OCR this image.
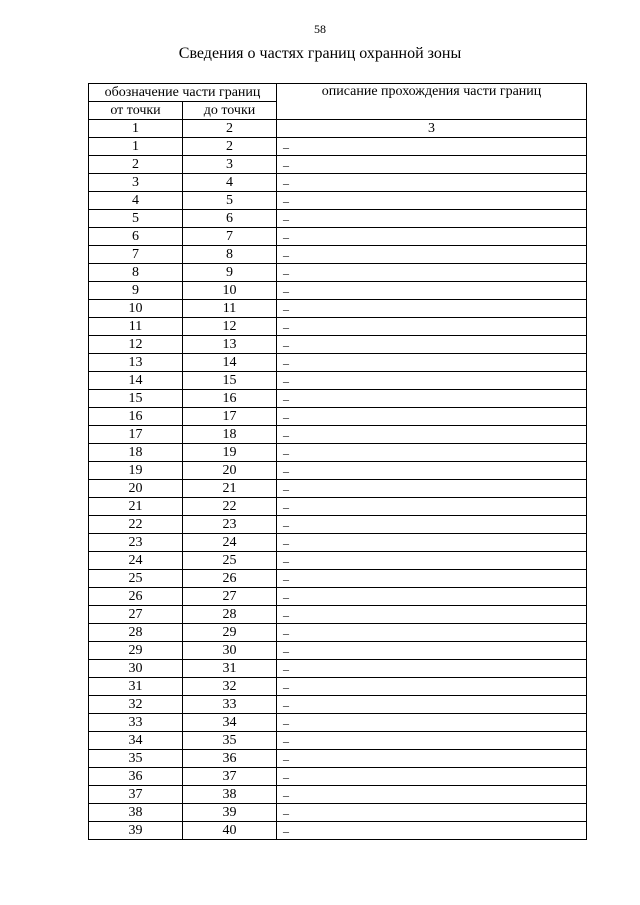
58
Сведения о частях границ охранной зоны
обозначение части границ		описание прохождения части границ
от точки	до точки	
1	2	3
1	2	–
2	3	–
3	4	–
4	5	–
5	6	–
6	7	–
7	8	–
8	9	–
9	10	–
10	11	–
11	12	–
12	13	–
13	14	–
14	15	–
15	16	–
16	17	–
17	18	–
18	19	–
19	20	–
20	21	–
21	22	–
22	23	–
23	24	–
24	25	–
25	26	–
26	27	–
27	28	–
28	29	–
29	30	–
30	31	–
31	32	–
32	33	–
33	34	–
34	35	–
35	36	–
36	37	–
37	38	–
38	39	–
39	40	–
